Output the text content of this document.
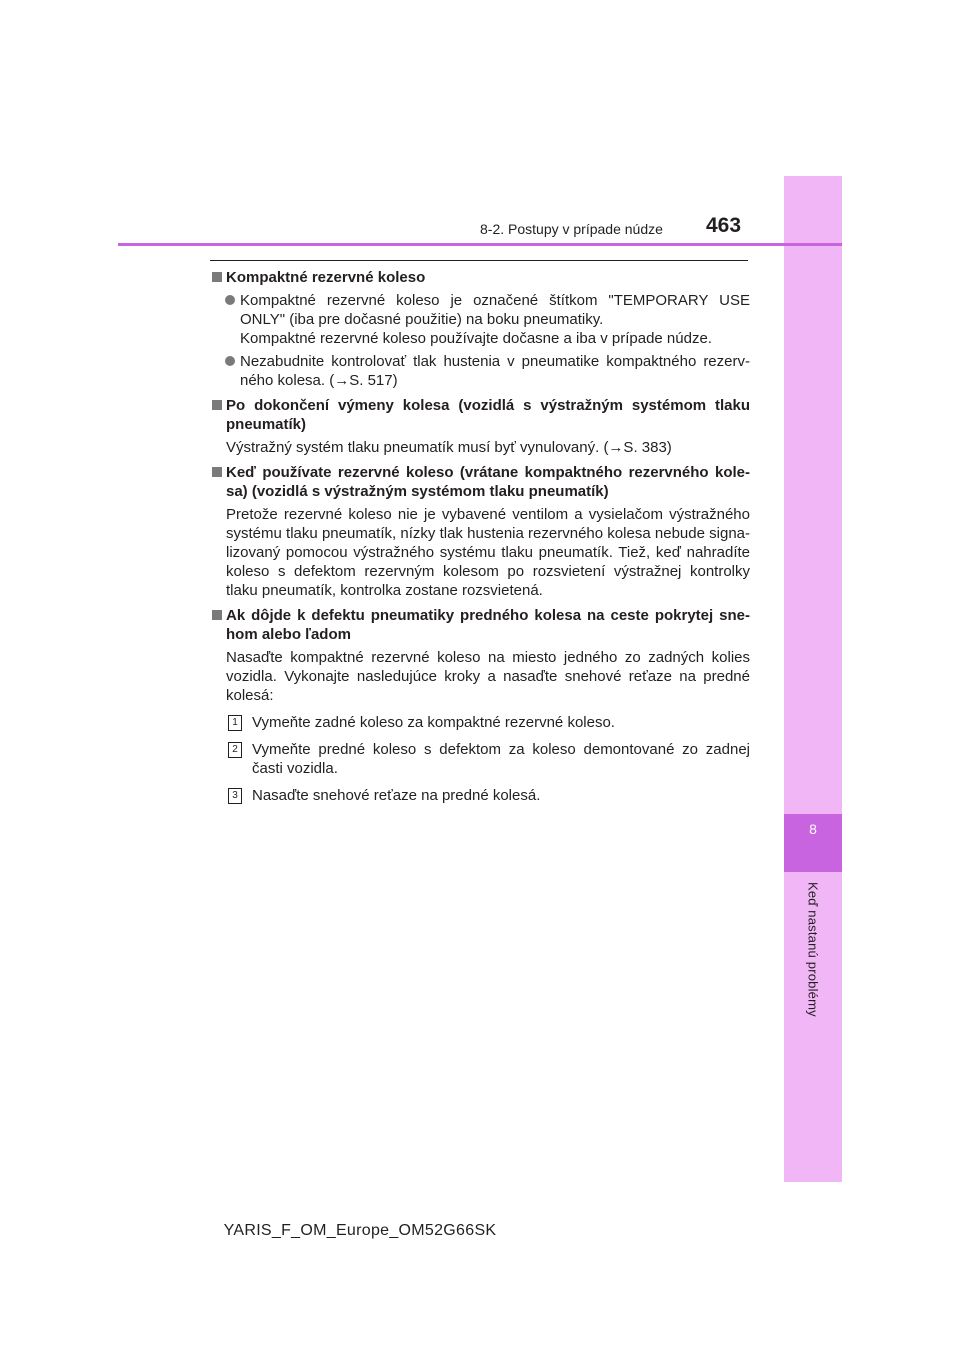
8
Keď nastanú problémy
8-2. Postupy v prípade núdze 463
Kompaktné rezervné koleso
Kompaktné rezervné koleso je označené štítkom "TEMPORARY USE ONLY" (iba pre dočasné použitie) na boku pneumatiky.
Kompaktné rezervné koleso používajte dočasne a iba v prípade núdze.
Nezabudnite kontrolovať tlak hustenia v pneumatike kompaktného rezerv-ného kolesa. (→S. 517)
Po dokončení výmeny kolesa (vozidlá s výstražným systémom tlaku pneumatík)
Výstražný systém tlaku pneumatík musí byť vynulovaný. (→S. 383)
Keď používate rezervné koleso (vrátane kompaktného rezervného kole-sa) (vozidlá s výstražným systémom tlaku pneumatík)
Pretože rezervné koleso nie je vybavené ventilom a vysielačom výstražného systému tlaku pneumatík, nízky tlak hustenia rezervného kolesa nebude signa-lizovaný pomocou výstražného systému tlaku pneumatík. Tiež, keď nahradíte koleso s defektom rezervným kolesom po rozsvietení výstražnej kontrolky tlaku pneumatík, kontrolka zostane rozsvietená.
Ak dôjde k defektu pneumatiky predného kolesa na ceste pokrytej sne-hom alebo ľadom
Nasaďte kompaktné rezervné koleso na miesto jedného zo zadných kolies vozidla. Vykonajte nasledujúce kroky a nasaďte snehové reťaze na predné kolesá:
1 Vymeňte zadné koleso za kompaktné rezervné koleso.
2 Vymeňte predné koleso s defektom za koleso demontované zo zadnej časti vozidla.
3 Nasaďte snehové reťaze na predné kolesá.
YARIS_F_OM_Europe_OM52G66SK
